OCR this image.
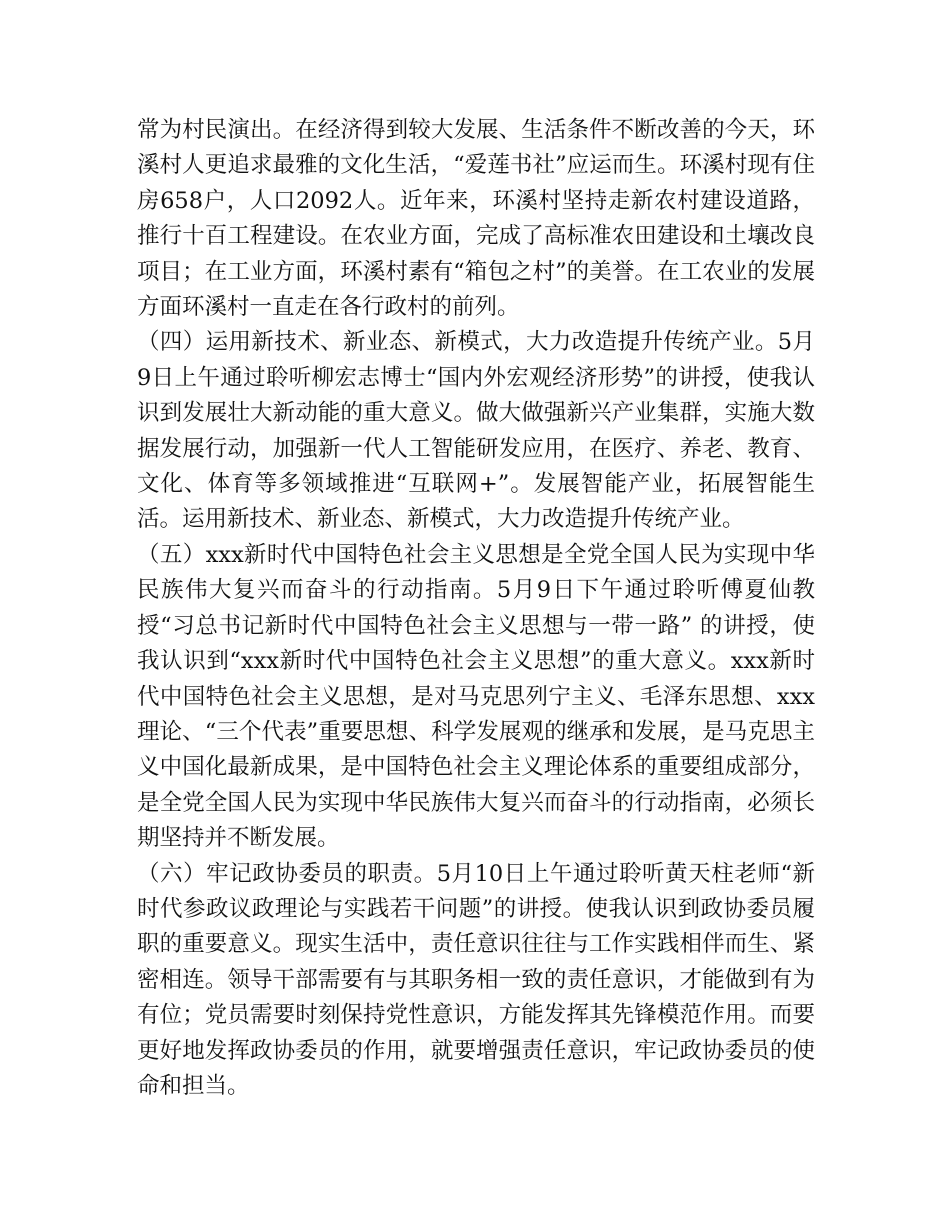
常为村民演出。在经济得到较大发展、生活条件不断改善的今天，环溪村人更追求最雅的文化生活，“爱莲书社”应运而生。环溪村现有住房658户，人口2092人。近年来，环溪村坚持走新农村建设道路，推行十百工程建设。在农业方面，完成了高标准农田建设和土壤改良项目；在工业方面，环溪村素有“箱包之村”的美誉。在工农业的发展方面环溪村一直走在各行政村的前列。

（四）运用新技术、新业态、新模式，大力改造提升传统产业。5月9日上午通过聆听柳宏志博士“国内外宏观经济形势”的讲授，使我认识到发展壮大新动能的重大意义。做大做强新兴产业集群，实施大数据发展行动，加强新一代人工智能研发应用，在医疗、养老、教育、文化、体育等多领域推进“互联网+”。发展智能产业，拓展智能生活。运用新技术、新业态、新模式，大力改造提升传统产业。

（五）xxx新时代中国特色社会主义思想是全党全国人民为实现中华民族伟大复兴而奋斗的行动指南。5月9日下午通过聆听傅夏仙教授“习总书记新时代中国特色社会主义思想与一带一路” 的讲授，使我认识到“xxx新时代中国特色社会主义思想”的重大意义。xxx新时代中国特色社会主义思想，是对马克思列宁主义、毛泽东思想、xxx理论、“三个代表”重要思想、科学发展观的继承和发展，是马克思主义中国化最新成果，是中国特色社会主义理论体系的重要组成部分，是全党全国人民为实现中华民族伟大复兴而奋斗的行动指南，必须长期坚持并不断发展。

（六）牢记政协委员的职责。5月10日上午通过聆听黄天柱老师“新时代参政议政理论与实践若干问题”的讲授。使我认识到政协委员履职的重要意义。现实生活中，责任意识往往与工作实践相伴而生、紧密相连。领导干部需要有与其职务相一致的责任意识，才能做到有为有位；党员需要时刻保持党性意识，方能发挥其先锋模范作用。而要更好地发挥政协委员的作用，就要增强责任意识，牢记政协委员的使命和担当。
